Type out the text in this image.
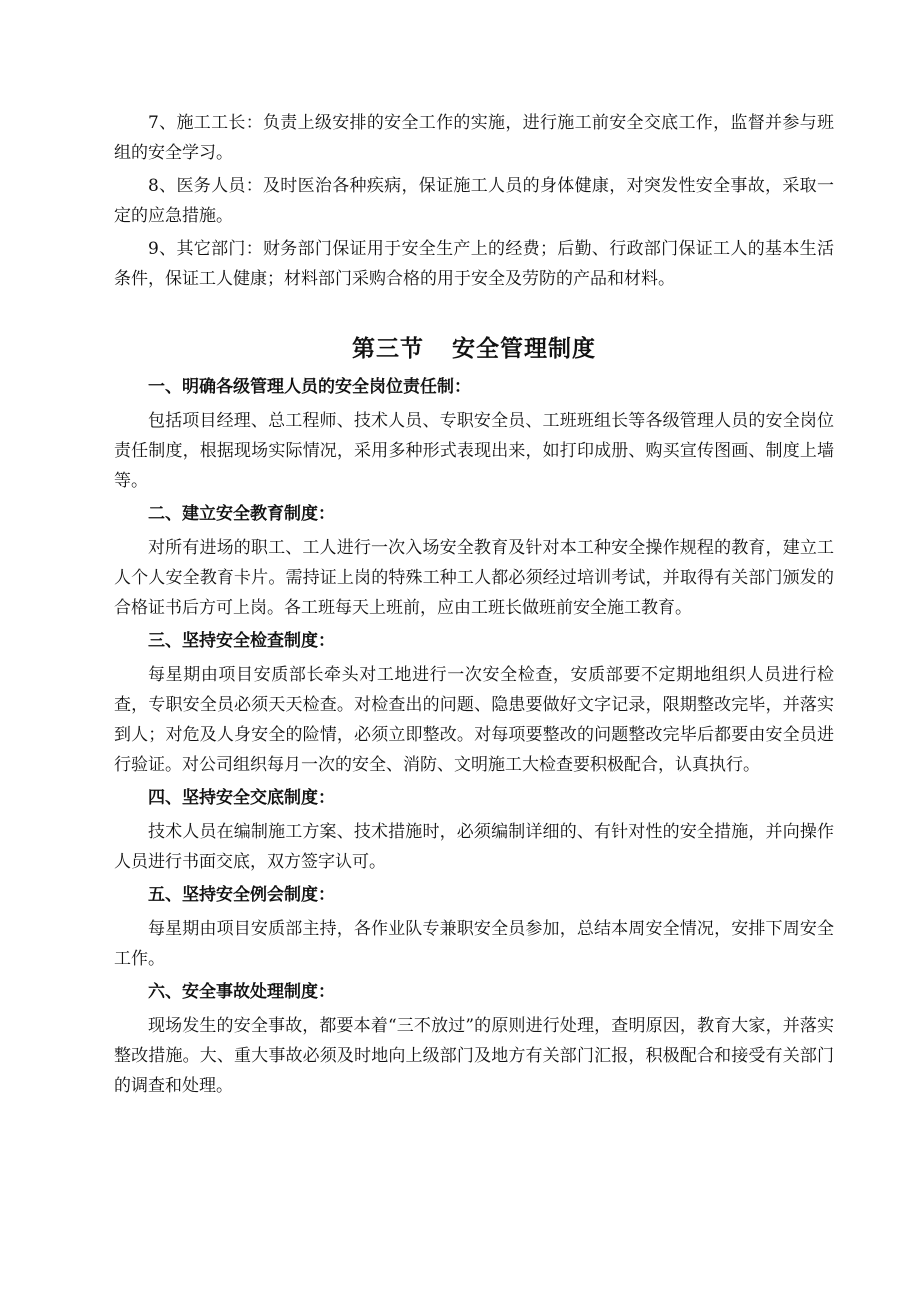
7、施工工长：负责上级安排的安全工作的实施，进行施工前安全交底工作，监督并参与班组的安全学习。

8、医务人员：及时医治各种疾病，保证施工人员的身体健康，对突发性安全事故，采取一定的应急措施。

9、其它部门：财务部门保证用于安全生产上的经费；后勤、行政部门保证工人的基本生活条件，保证工人健康；材料部门采购合格的用于安全及劳防的产品和材料。

第三节 安全管理制度

一、明确各级管理人员的安全岗位责任制：

包括项目经理、总工程师、技术人员、专职安全员、工班班组长等各级管理人员的安全岗位责任制度，根据现场实际情况，采用多种形式表现出来，如打印成册、购买宣传图画、制度上墙等。

二、建立安全教育制度：

对所有进场的职工、工人进行一次入场安全教育及针对本工种安全操作规程的教育，建立工人个人安全教育卡片。需持证上岗的特殊工种工人都必须经过培训考试，并取得有关部门颁发的合格证书后方可上岗。各工班每天上班前，应由工班长做班前安全施工教育。

三、坚持安全检查制度：

每星期由项目安质部长牵头对工地进行一次安全检查，安质部要不定期地组织人员进行检查，专职安全员必须天天检查。对检查出的问题、隐患要做好文字记录，限期整改完毕，并落实到人；对危及人身安全的险情，必须立即整改。对每项要整改的问题整改完毕后都要由安全员进行验证。对公司组织每月一次的安全、消防、文明施工大检查要积极配合，认真执行。

四、坚持安全交底制度：

技术人员在编制施工方案、技术措施时，必须编制详细的、有针对性的安全措施，并向操作人员进行书面交底，双方签字认可。

五、坚持安全例会制度：

每星期由项目安质部主持，各作业队专兼职安全员参加，总结本周安全情况，安排下周安全工作。

六、安全事故处理制度：

现场发生的安全事故，都要本着“三不放过”的原则进行处理，查明原因，教育大家，并落实整改措施。大、重大事故必须及时地向上级部门及地方有关部门汇报，积极配合和接受有关部门的调查和处理。
